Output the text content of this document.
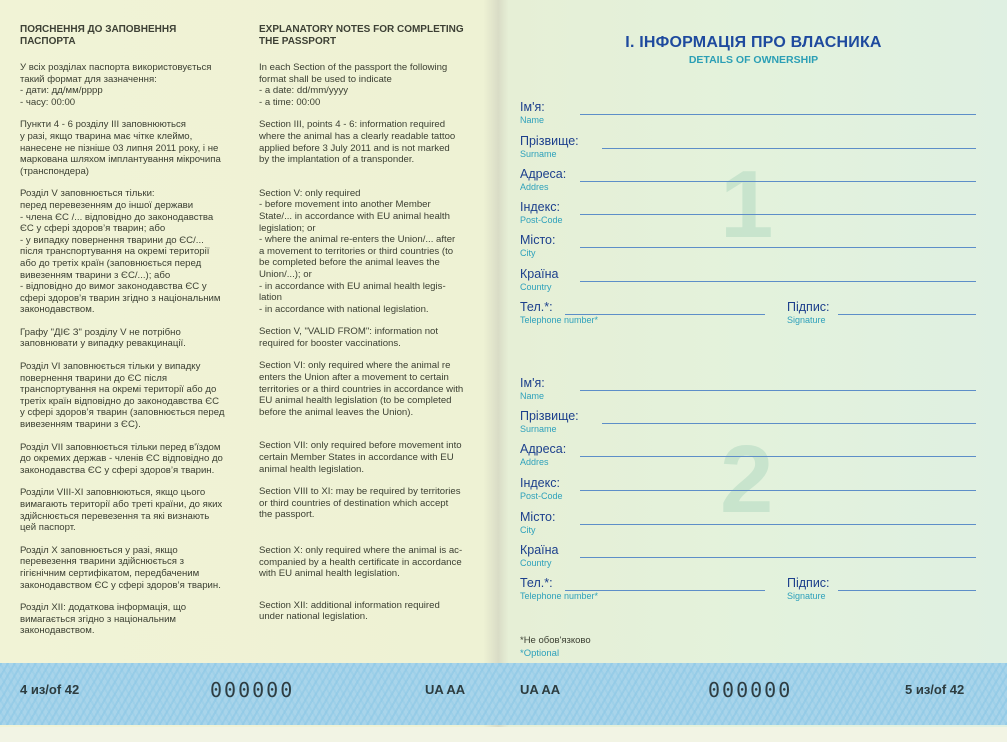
ПОЯСНЕННЯ ДО ЗАПОВНЕННЯ
ПАСПОРТА

У всіх розділах паспорта використовується
такий формат для зазначення:
- дати: дд/мм/рррр
- часу: 00:00

Пункти 4 - 6 розділу III заповнюються
у разі, якщо тварина має чітке клеймо,
нанесене не пізніше 03 липня 2011 року, і не
маркована шляхом імплантування мікрочипа
(транспондера)

Розділ V заповнюється тільки:
перед перевезенням до іншої держави
- члена ЄС /... відповідно до законодавства
ЄС у сфері здоров’я тварин; або
- у випадку повернення тварини до ЄС/...
після транспортування на окремі території
або до третіх країн (заповнюється перед
вивезенням тварини з ЄС/...); або
- відповідно до вимог законодавства ЄС у
сфері здоров’я тварин згідно з національним
законодавством.

Графу "ДІЄ З" розділу V не потрібно
заповнювати у випадку ревакцинації.

Розділ VI заповнюється тільки у випадку
повернення тварини до ЄС після
транспортування на окремі території або до
третіх країн відповідно до законодавства ЄС
у сфері здоров’я тварин (заповнюється перед
вивезенням тварини з ЄС).

Розділ VII заповнюється тільки перед в'їздом
до окремих держав - членів ЄС відповідно до
законодавства ЄС у сфері здоров’я тварин.

Розділи VIII-XI заповнюються, якщо цього
вимагають території або треті країни, до яких
здійснюється перевезення та які визнають
цей паспорт.

Розділ X заповнюється у разі, якщо
перевезення тварини здійснюється з
гігієнічним сертифікатом, передбаченим
законодавством ЄС у сфері здоров’я тварин.

Розділ XII: додаткова інформація, що
вимагається згідно з національним
законодавством.

EXPLANATORY NOTES FOR COMPLETING
THE PASSPORT

In each Section of the passport the following
format shall be used to indicate
- a date: dd/mm/yyyy
- a time: 00:00

Section III, points 4 - 6: information required
where the animal has a clearly readable tattoo
applied before 3 July 2011 and is not marked
by the implantation of a transponder.

Section V: only required
- before movement into another Member
State/... in accordance with EU animal health
legislation; or
- where the animal re-enters the Union/... after
a movement to territories or third countries (to
be completed before the animal leaves the
Union/...); or
- in accordance with EU animal health legis-
lation
- in accordance with national legislation.

Section V, "VALID FROM": information not
required for booster vaccinations.

Section VI: only required where the animal re
enters the Union after a movement to certain
territories or a third countries in accordance with
EU animal health legislation (to be completed
before the animal leaves the Union).

Section VII: only required before movement into
certain Member States in accordance with EU
animal health legislation.

Section VIII to XI: may be required by territories
or third countries of destination which accept
the passport.

Section X: only required where the animal is ac-
companied by a health certificate in accordance
with EU animal health legislation.

Section XII: additional information required
under national legislation.

4 из/of 42	000000	UA AA
I. ІНФОРМАЦІЯ ПРО ВЛАСНИКА
DETAILS OF OWNERSHIP
1
2
Ім'я:
Name
Прізвище:
Surname
Адреса:
Addres
Індекс:
Post-Code
Місто:
City
Країна
Country
Тел.*:
Telephone number*
Підпис:
Signature
Ім'я:
Name
Прізвище:
Surname
Адреса:
Addres
Індекс:
Post-Code
Місто:
City
Країна
Country
Тел.*:
Telephone number*
Підпис:
Signature
*Не обов'язково
*Optional
UA AA	000000	5 из/of 42
